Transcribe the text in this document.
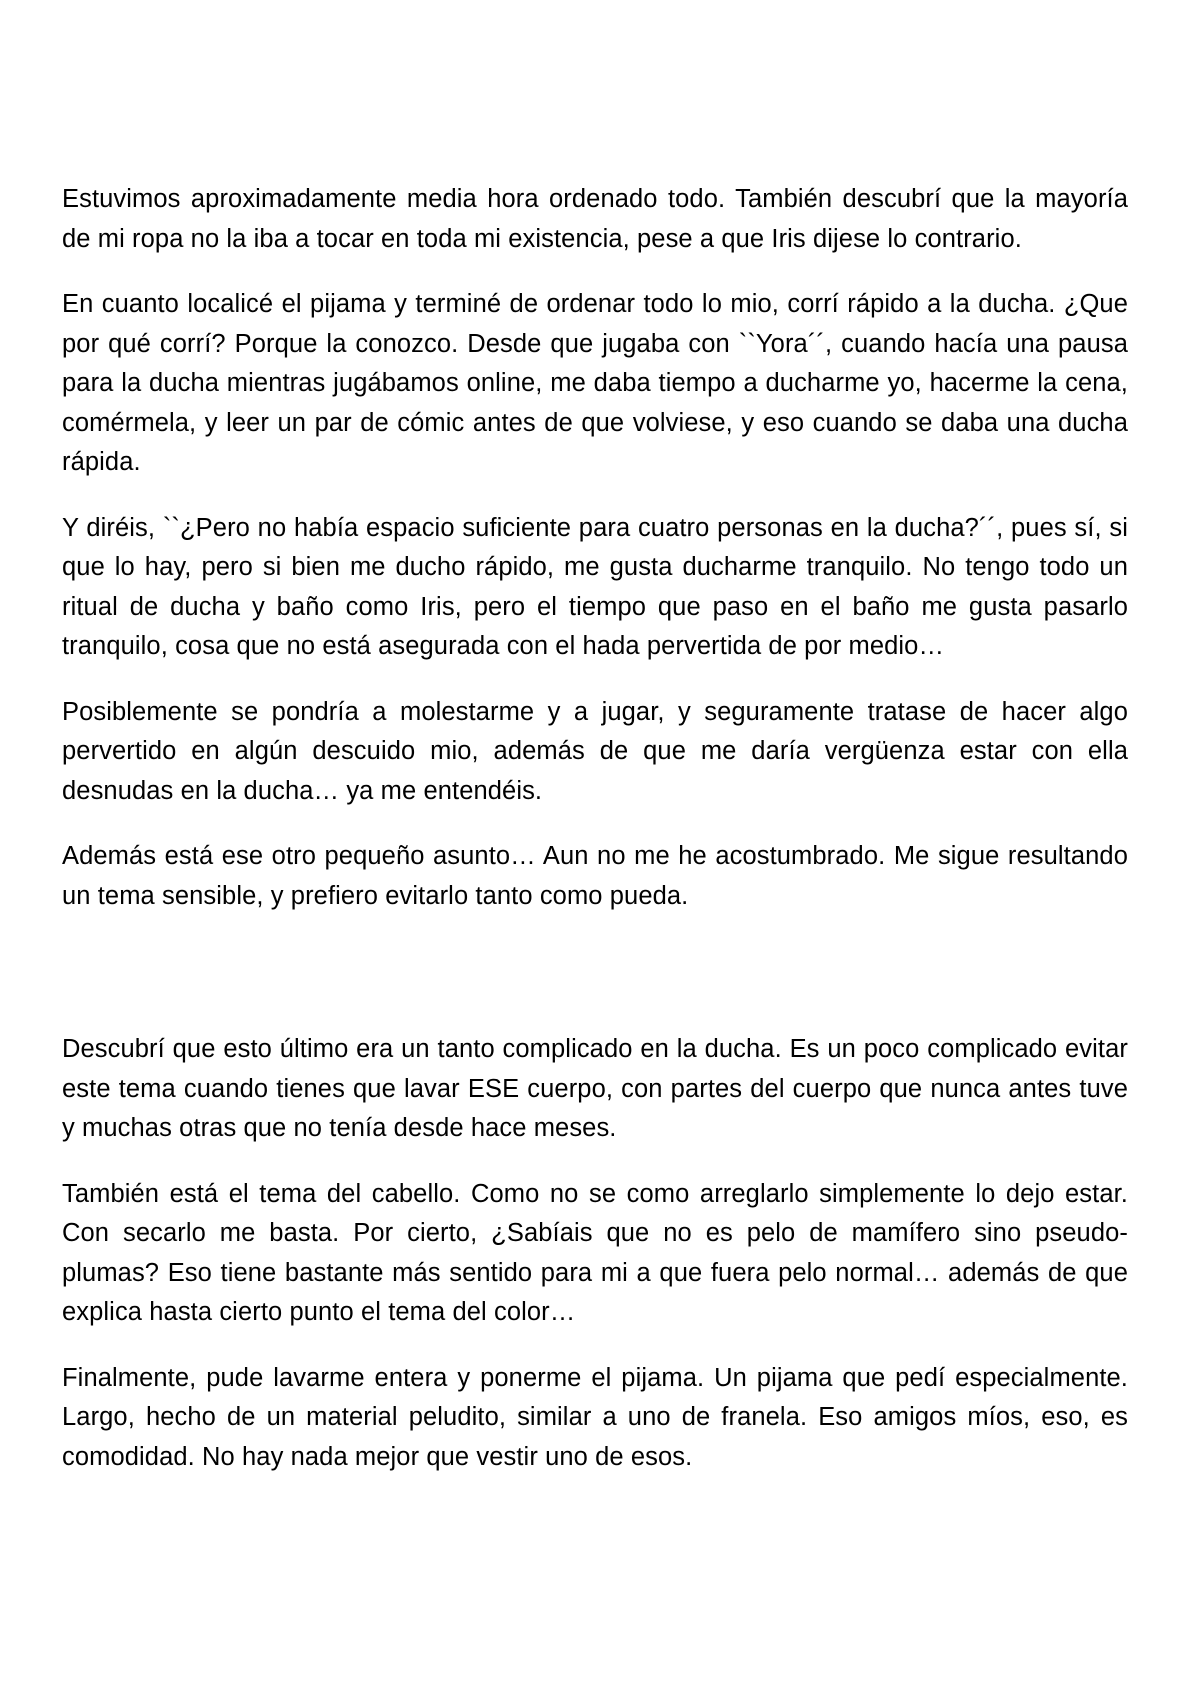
Estuvimos aproximadamente media hora ordenado todo. También descubrí que la mayoría de mi ropa no la iba a tocar en toda mi existencia, pese a que Iris dijese lo contrario.

En cuanto localicé el pijama y terminé de ordenar todo lo mio, corrí rápido a la ducha. ¿Que por qué corrí? Porque la conozco. Desde que jugaba con ``Yora´´, cuando hacía una pausa para la ducha mientras jugábamos online, me daba tiempo a ducharme yo, hacerme la cena, comérmela, y leer un par de cómic antes de que volviese, y eso cuando se daba una ducha rápida.

Y diréis, ``¿Pero no había espacio suficiente para cuatro personas en la ducha?´´, pues sí, si que lo hay, pero si bien me ducho rápido, me gusta ducharme tranquilo. No tengo todo un ritual de ducha y baño como Iris, pero el tiempo que paso en el baño me gusta pasarlo tranquilo, cosa que no está asegurada con el hada pervertida de por medio…

Posiblemente se pondría a molestarme y a jugar, y seguramente tratase de hacer algo pervertido en algún descuido mio, además de que me daría vergüenza estar con ella desnudas en la ducha… ya me entendéis.

Además está ese otro pequeño asunto… Aun no me he acostumbrado. Me sigue resultando un tema sensible, y prefiero evitarlo tanto como pueda.

Descubrí que esto último era un tanto complicado en la ducha. Es un poco complicado evitar este tema cuando tienes que lavar ESE cuerpo, con partes del cuerpo que nunca antes tuve y muchas otras que no tenía desde hace meses.

También está el tema del cabello. Como no se como arreglarlo simplemente lo dejo estar. Con secarlo me basta. Por cierto, ¿Sabíais que no es pelo de mamífero sino pseudo-plumas? Eso tiene bastante más sentido para mi a que fuera pelo normal… además de que explica hasta cierto punto el tema del color…

Finalmente, pude lavarme entera y ponerme el pijama. Un pijama que pedí especialmente. Largo, hecho de un material peludito, similar a uno de franela. Eso amigos míos, eso, es comodidad. No hay nada mejor que vestir uno de esos.
